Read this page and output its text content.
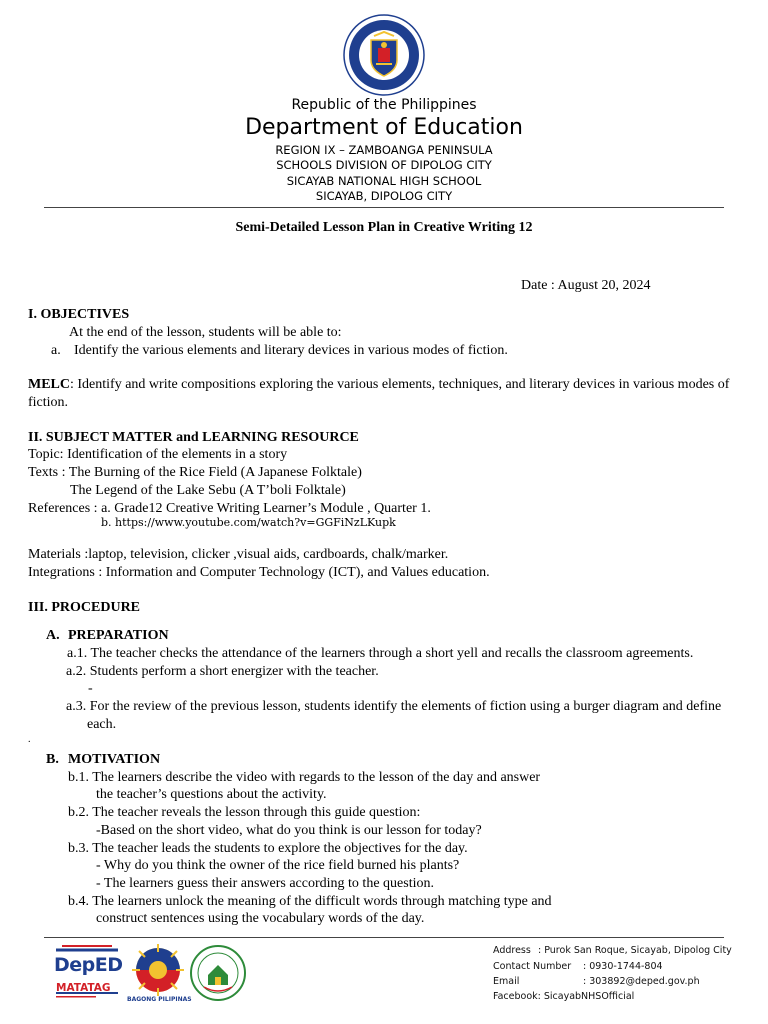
Republic of the Philippines
Department of Education
REGION IX – ZAMBOANGA PENINSULA
SCHOOLS DIVISION OF DIPOLOG CITY
SICAYAB NATIONAL HIGH SCHOOL
SICAYAB, DIPOLOG CITY
Semi-Detailed Lesson Plan in Creative Writing 12
Date : August 20, 2024
I. OBJECTIVES
At the end of the lesson, students will be able to:
a. Identify the various elements and literary devices in various modes of fiction.
MELC: Identify and write compositions exploring the various elements, techniques, and literary devices in various modes of
fiction.
II. SUBJECT MATTER and LEARNING RESOURCE
Topic: Identification of the elements in a story
Texts : The Burning of the Rice Field (A Japanese Folktale)
The Legend of the Lake Sebu (A T’boli Folktale)
References : a. Grade12 Creative Writing Learner’s Module , Quarter 1.
b. https://www.youtube.com/watch?v=GGFiNzLKupk
Materials :laptop, television, clicker ,visual aids, cardboards, chalk/marker.
Integrations : Information and Computer Technology (ICT), and Values education.
III. PROCEDURE
A. PREPARATION
a.1. The teacher checks the attendance of the learners through a short yell and recalls the classroom agreements.
a.2. Students perform a short energizer with the teacher.
-
a.3. For the review of the previous lesson, students identify the elements of fiction using a burger diagram and define
each.
.
B. MOTIVATION
b.1. The learners describe the video with regards to the lesson of the day and answer
the teacher’s questions about the activity.
b.2. The teacher reveals the lesson through this guide question:
-Based on the short video, what do you think is our lesson for today?
b.3. The teacher leads the students to explore the objectives for the day.
- Why do you think the owner of the rice field burned his plants?
- The learners guess their answers according to the question.
b.4. The learners unlock the meaning of the difficult words through matching type and
construct sentences using the vocabulary words of the day.
DepED
MATATAG
BAGONG PILIPINAS
Address : Purok San Roque, Sicayab, Dipolog City
Contact Number : 0930-1744-804
Email	: 303892@deped.gov.ph
Facebook: SicayabNHSOfficial
